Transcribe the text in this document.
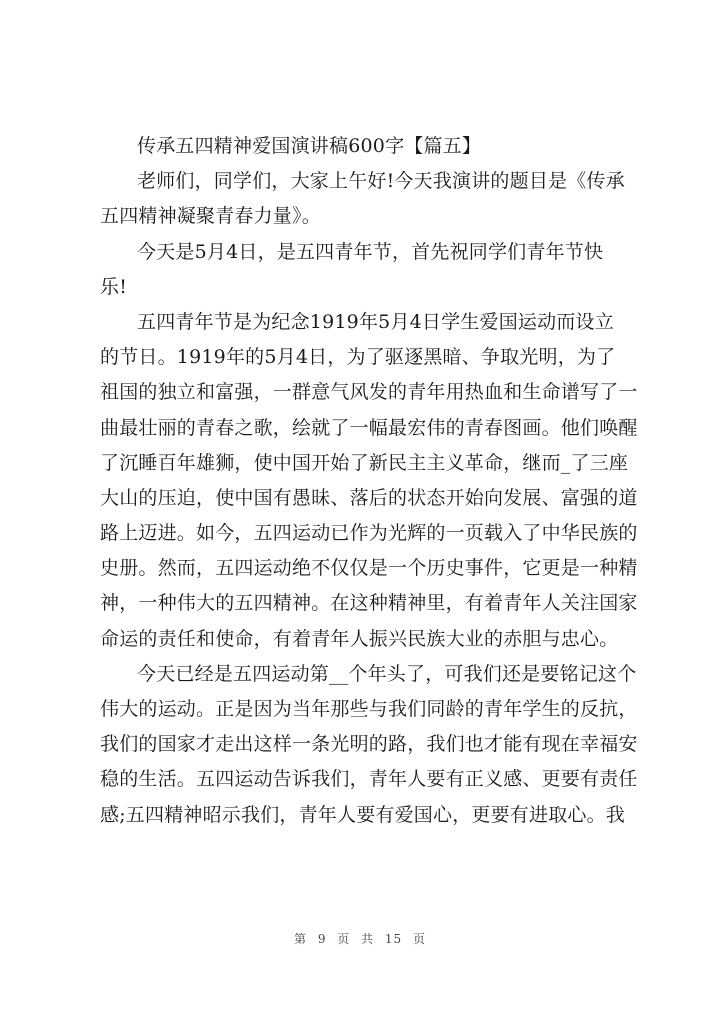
传承五四精神爱国演讲稿600字【篇五】
老师们，同学们，大家上午好!今天我演讲的题目是《传承
五四精神凝聚青春力量》。
今天是5月4日，是五四青年节，首先祝同学们青年节快
乐!
五四青年节是为纪念1919年5月4日学生爱国运动而设立
的节日。1919年的5月4日，为了驱逐黑暗、争取光明，为了
祖国的独立和富强，一群意气风发的青年用热血和生命谱写了一
曲最壮丽的青春之歌，绘就了一幅最宏伟的青春图画。他们唤醒
了沉睡百年雄狮，使中国开始了新民主主义革命，继而_了三座
大山的压迫，使中国有愚昧、落后的状态开始向发展、富强的道
路上迈进。如今，五四运动已作为光辉的一页载入了中华民族的
史册。然而，五四运动绝不仅仅是一个历史事件，它更是一种精
神，一种伟大的五四精神。在这种精神里，有着青年人关注国家
命运的责任和使命，有着青年人振兴民族大业的赤胆与忠心。
今天已经是五四运动第__个年头了，可我们还是要铭记这个
伟大的运动。正是因为当年那些与我们同龄的青年学生的反抗，
我们的国家才走出这样一条光明的路，我们也才能有现在幸福安
稳的生活。五四运动告诉我们，青年人要有正义感、更要有责任
感;五四精神昭示我们，青年人要有爱国心，更要有进取心。我
第 9 页 共 15 页
